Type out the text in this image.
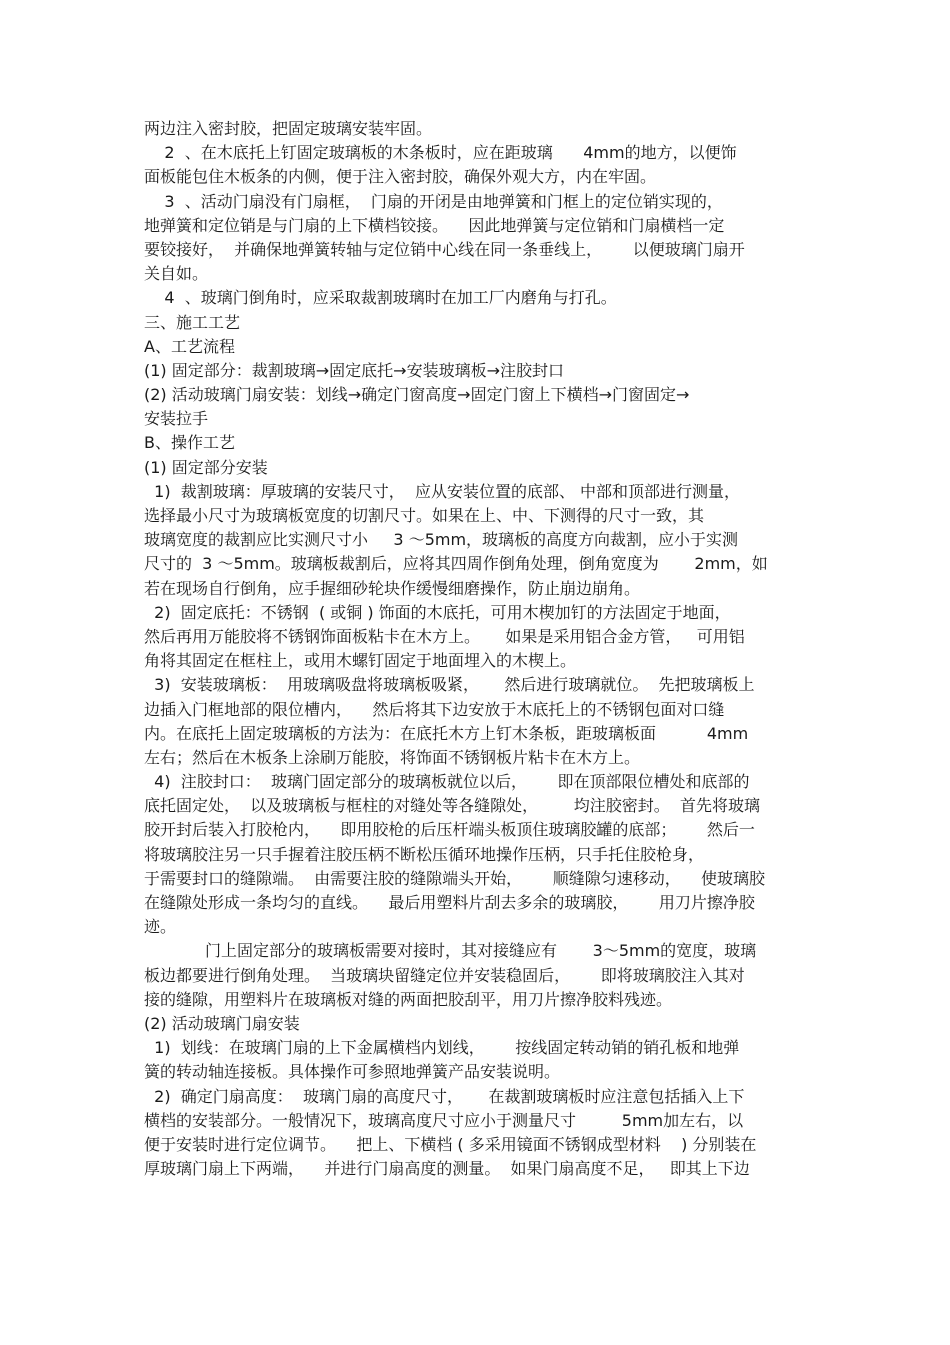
两边注入密封胶，把固定玻璃安装牢固。
2  、在木底托上钉固定玻璃板的木条板时，应在距玻璃      4mm的地方，以便饰
面板能包住木板条的内侧，便于注入密封胶，确保外观大方，内在牢固。
3  、活动门扇没有门扇框，  门扇的开闭是由地弹簧和门框上的定位销实现的，
地弹簧和定位销是与门扇的上下横档铰接。    因此地弹簧与定位销和门扇横档一定
要铰接好，  并确保地弹簧转轴与定位销中心线在同一条垂线上，      以便玻璃门扇开
关自如。
4  、玻璃门倒角时，应采取裁割玻璃时在加工厂内磨角与打孔。
三、施工工艺
A、工艺流程
(1) 固定部分：裁割玻璃→固定底托→安装玻璃板→注胶封口
(2) 活动玻璃门扇安装：划线→确定门窗高度→固定门窗上下横档→门窗固定→
安装拉手
B、操作工艺
(1) 固定部分安装
1)  裁割玻璃：厚玻璃的安装尺寸，  应从安装位置的底部、 中部和顶部进行测量，
选择最小尺寸为玻璃板宽度的切割尺寸。如果在上、中、下测得的尺寸一致，其
玻璃宽度的裁割应比实测尺寸小     3 ～5mm，玻璃板的高度方向裁割，应小于实测
尺寸的  3 ～5mm。玻璃板裁割后，应将其四周作倒角处理，倒角宽度为       2mm，如
若在现场自行倒角，应手握细砂轮块作缓慢细磨操作，防止崩边崩角。
2)  固定底托：不锈钢  ( 或铜 ) 饰面的木底托，可用木楔加钉的方法固定于地面，
然后再用万能胶将不锈钢饰面板粘卡在木方上。     如果是采用铝合金方管，   可用铝
角将其固定在框柱上，或用木螺钉固定于地面埋入的木楔上。
3)  安装玻璃板：  用玻璃吸盘将玻璃板吸紧，     然后进行玻璃就位。  先把玻璃板上
边插入门框地部的限位槽内，    然后将其下边安放于木底托上的不锈钢包面对口缝
内。在底托上固定玻璃板的方法为：在底托木方上钉木条板，距玻璃板面          4mm
左右；然后在木板条上涂刷万能胶，将饰面不锈钢板片粘卡在木方上。
4)  注胶封口：  玻璃门固定部分的玻璃板就位以后，      即在顶部限位槽处和底部的
底托固定处，  以及玻璃板与框柱的对缝处等各缝隙处，       均注胶密封。  首先将玻璃
胶开封后装入打胶枪内，    即用胶枪的后压杆端头板顶住玻璃胶罐的底部；      然后一
将玻璃胶注另一只手握着注胶压柄不断松压循环地操作压柄，只手托住胶枪身，
于需要封口的缝隙端。  由需要注胶的缝隙端头开始，      顺缝隙匀速移动，    使玻璃胶
在缝隙处形成一条均匀的直线。    最后用塑料片刮去多余的玻璃胶，      用刀片擦净胶
迹。
门上固定部分的玻璃板需要对接时，其对接缝应有       3～5mm的宽度，玻璃
板边都要进行倒角处理。  当玻璃块留缝定位并安装稳固后，      即将玻璃胶注入其对
接的缝隙，用塑料片在玻璃板对缝的两面把胶刮平，用刀片擦净胶料残迹。
(2) 活动玻璃门扇安装
1)  划线：在玻璃门扇的上下金属横档内划线，      按线固定转动销的销孔板和地弹
簧的转动轴连接板。具体操作可参照地弹簧产品安装说明。
2)  确定门扇高度：  玻璃门扇的高度尺寸，     在裁割玻璃板时应注意包括插入上下
横档的安装部分。一般情况下，玻璃高度尺寸应小于测量尺寸         5mm加左右，以
便于安装时进行定位调节。    把上、下横档 ( 多采用镜面不锈钢成型材料    ) 分别装在
厚玻璃门扇上下两端，    并进行门扇高度的测量。  如果门扇高度不足，   即其上下边
